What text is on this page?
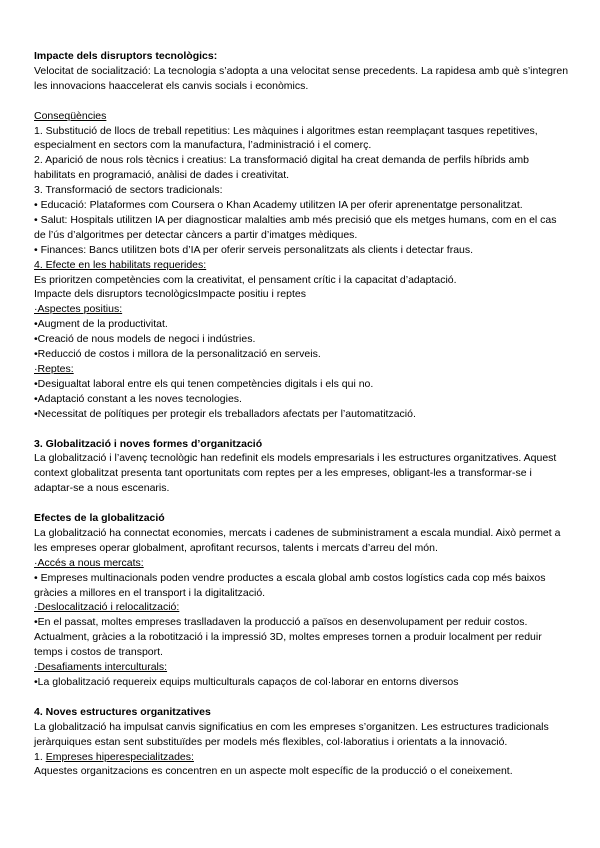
Impacte dels disruptors tecnològics:

Velocitat de socialització: La tecnologia s’adopta a una velocitat sense precedents. La rapidesa amb què s’integren les innovacions haaccelerat els canvis socials i econòmics.

Conseqüències

1. Substitució de llocs de treball repetitius: Les màquines i algoritmes estan reemplaçant tasques repetitives, especialment en sectors com la manufactura, l’administració i el comerç.

2. Aparició de nous rols tècnics i creatius: La transformació digital ha creat demanda de perfils híbrids amb habilitats en programació, anàlisi de dades i creativitat.

3. Transformació de sectors tradicionals:

• Educació: Plataformes com Coursera o Khan Academy utilitzen IA per oferir aprenentatge personalitzat.

• Salut: Hospitals utilitzen IA per diagnosticar malalties amb més precisió que els metges humans, com en el cas de l’ús d’algoritmes per detectar càncers a partir d’imatges mèdiques.

• Finances: Bancs utilitzen bots d’IA per oferir serveis personalitzats als clients i detectar fraus.

4. Efecte en les habilitats requerides:

Es prioritzen competències com la creativitat, el pensament crític i la capacitat d’adaptació.

Impacte dels disruptors tecnològicsImpacte positiu i reptes

·Aspectes positius:

•Augment de la productivitat.

•Creació de nous models de negoci i indústries.

•Reducció de costos i millora de la personalització en serveis.

·Reptes:

•Desigualtat laboral entre els qui tenen competències digitals i els qui no.

•Adaptació constant a les noves tecnologies.

•Necessitat de polítiques per protegir els treballadors afectats per l’automatització.

3. Globalització i noves formes d’organització

La globalització i l’avenç tecnològic han redefinit els models empresarials i les estructures organitzatives. Aquest context globalitzat presenta tant oportunitats com reptes per a les empreses, obligant-les a transformar-se i adaptar-se a nous escenaris.

Efectes de la globalització

La globalització ha connectat economies, mercats i cadenes de subministrament a escala mundial. Això permet a les empreses operar globalment, aprofitant recursos, talents i mercats d’arreu del món.

·Accés a nous mercats:

• Empreses multinacionals poden vendre productes a escala global amb costos logístics cada cop més baixos gràcies a millores en el transport i la digitalització.

·Deslocalització i relocalització:

•En el passat, moltes empreses traslladaven la producció a països en desenvolupament per reduir costos. Actualment, gràcies a la robotització i la impressió 3D, moltes empreses tornen a produir localment per reduir temps i costos de transport.

·Desafiaments interculturals:

•La globalització requereix equips multiculturals capaços de col·laborar en entorns diversos

4. Noves estructures organitzatives

La globalització ha impulsat canvis significatius en com les empreses s’organitzen. Les estructures tradicionals jeràrquiques estan sent substituïdes per models més flexibles, col·laboratius i orientats a la innovació.

1. Empreses hiperespecialitzades:

Aquestes organitzacions es concentren en un aspecte molt específic de la producció o el coneixement.
